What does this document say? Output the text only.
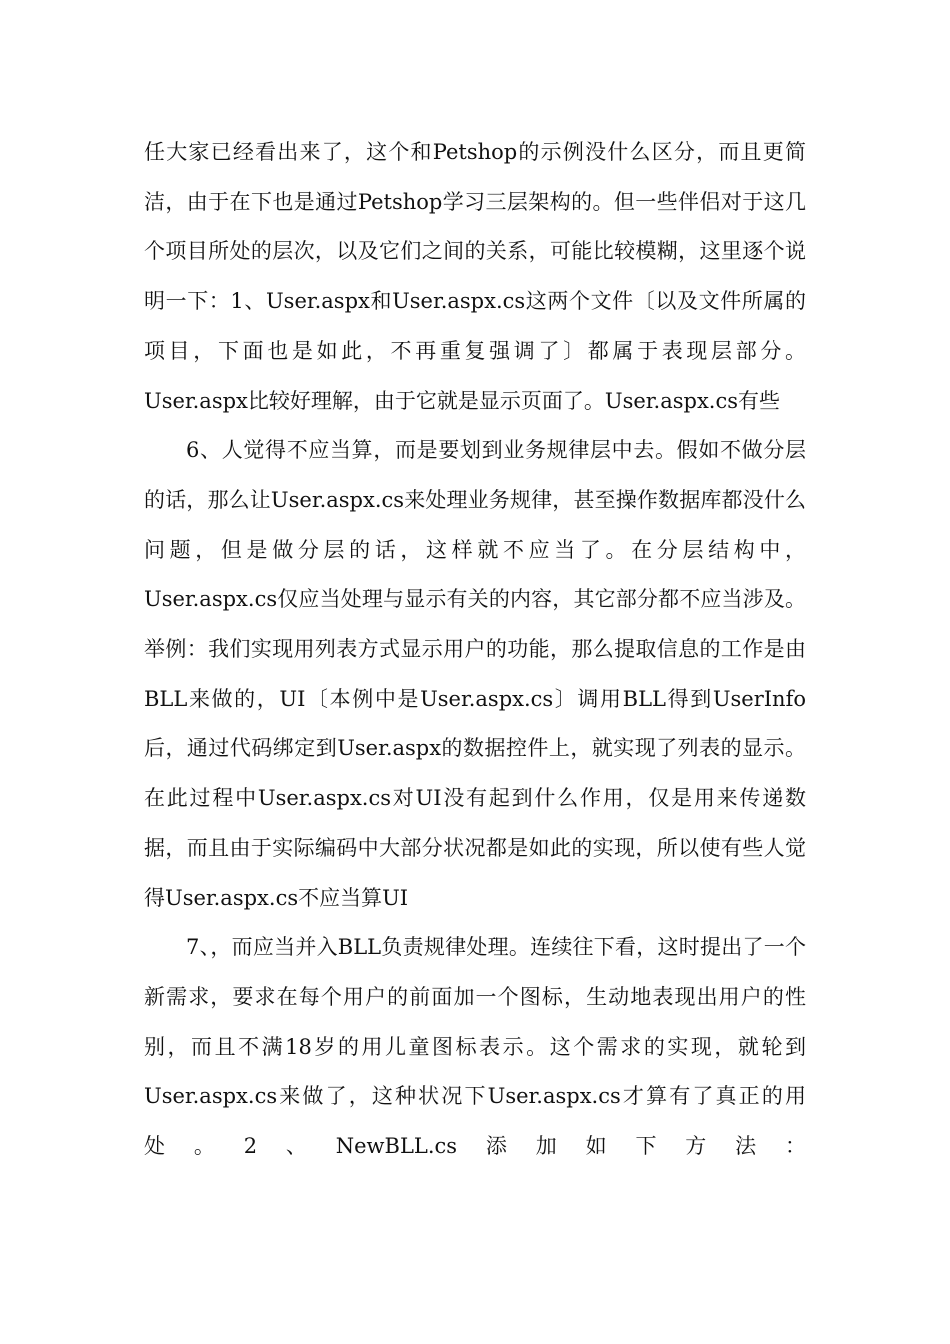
任大家已经看出来了，这个和Petshop的示例没什么区分，而且更简洁，由于在下也是通过Petshop学习三层架构的。但一些伴侣对于这几个项目所处的层次，以及它们之间的关系，可能比较模糊，这里逐个说明一下：1、User.aspx和User.aspx.cs这两个文件〔以及文件所属的项目，下面也是如此，不再重复强调了〕都属于表现层部分。User.aspx比较好理解，由于它就是显示页面了。User.aspx.cs有些

6、人觉得不应当算，而是要划到业务规律层中去。假如不做分层的话，那么让User.aspx.cs来处理业务规律，甚至操作数据库都没什么问题，但是做分层的话，这样就不应当了。在分层结构中，User.aspx.cs仅应当处理与显示有关的内容，其它部分都不应当涉及。举例：我们实现用列表方式显示用户的功能，那么提取信息的工作是由BLL来做的，UI〔本例中是User.aspx.cs〕调用BLL得到UserInfo后，通过代码绑定到User.aspx的数据控件上，就实现了列表的显示。在此过程中User.aspx.cs对UI没有起到什么作用，仅是用来传递数据，而且由于实际编码中大部分状况都是如此的实现，所以使有些人觉得User.aspx.cs不应当算UI

7、，而应当并入BLL负责规律处理。连续往下看，这时提出了一个新需求，要求在每个用户的前面加一个图标，生动地表现出用户的性别，而且不满18岁的用儿童图标表示。这个需求的实现，就轮到User.aspx.cs来做了，这种状况下User.aspx.cs才算有了真正的用处。2、NewBLL.cs添加如下方法：
